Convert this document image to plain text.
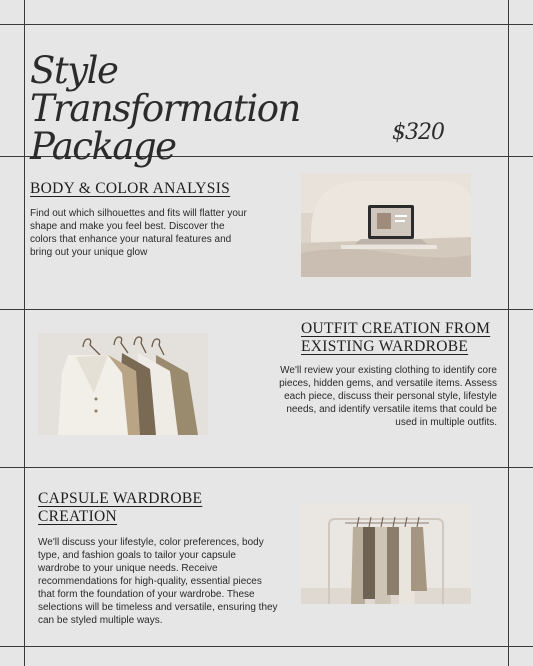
Style Transformation
Package	$320
BODY & COLOR ANALYSIS
Find out which silhouettes and fits will flatter your shape and make you feel best. Discover the colors that enhance your natural features and bring out your unique glow
OUTFIT CREATION FROM
EXISTING WARDROBE
We'll review your existing clothing to identify core pieces, hidden gems, and versatile items. Assess each piece, discuss their personal style, lifestyle needs, and identify versatile items that could be used in multiple outfits.
CAPSULE WARDROBE
CREATION
We'll discuss your lifestyle, color preferences, body type, and fashion goals to tailor your capsule wardrobe to your unique needs. Receive recommendations for high-quality, essential pieces that form the foundation of your wardrobe. These selections will be timeless and versatile, ensuring they can be styled multiple ways.
